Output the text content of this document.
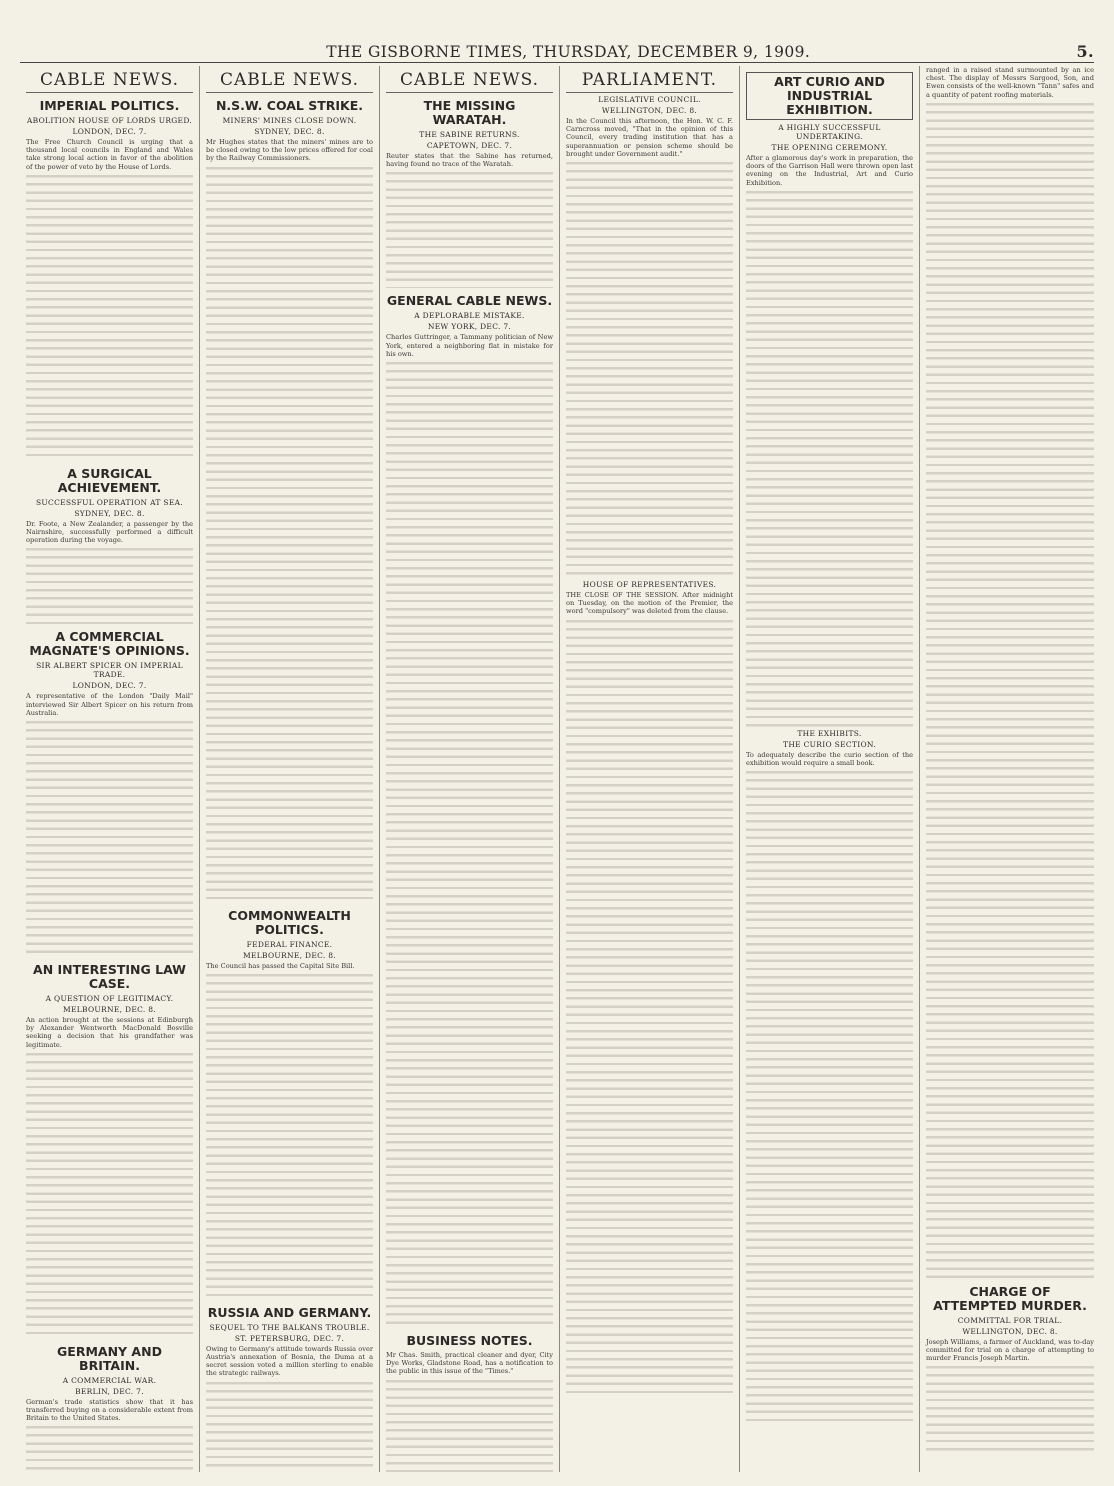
THE GISBORNE TIMES, THURSDAY, DECEMBER 9, 1909.	5.
CABLE NEWS.
IMPERIAL POLITICS.
ABOLITION HOUSE OF LORDS URGED.
LONDON, DEC. 7.

The Free Church Council is urging that a thousand local councils in England and Wales take strong local action in favor of the abolition of the power of veto by the House of Lords.

A SURGICAL ACHIEVEMENT.
SUCCESSFUL OPERATION AT SEA.
SYDNEY, DEC. 8.

Dr. Foote, a New Zealander, a passenger by the Nairnshire, successfully performed a difficult operation during the voyage.

A COMMERCIAL MAGNATE'S OPINIONS.
SIR ALBERT SPICER ON IMPERIAL TRADE.
LONDON, DEC. 7.

A representative of the London "Daily Mail" interviewed Sir Albert Spicer on his return from Australia.

AN INTERESTING LAW CASE.
A QUESTION OF LEGITIMACY.
MELBOURNE, DEC. 8.

An action brought at the sessions at Edinburgh by Alexander Wentworth MacDonald Bosville seeking a decision that his grandfather was legitimate.

GERMANY AND BRITAIN.
A COMMERCIAL WAR.
BERLIN, DEC. 7.

German's trade statistics show that it has transferred buying on a considerable extent from Britain to the United States.

CABLE NEWS.
N.S.W. COAL STRIKE.
MINERS' MINES CLOSE DOWN.
SYDNEY, DEC. 8.

Mr Hughes states that the miners' mines are to be closed owing to the low prices offered for coal by the Railway Commissioners.

COMMONWEALTH POLITICS.
FEDERAL FINANCE.
MELBOURNE, DEC. 8.

The Council has passed the Capital Site Bill.

RUSSIA AND GERMANY.
SEQUEL TO THE BALKANS TROUBLE.
ST. PETERSBURG, DEC. 7.

Owing to Germany's attitude towards Russia over Austria's annexation of Bosnia, the Duma at a secret session voted a million sterling to enable the strategic railways.

CABLE NEWS.
THE MISSING WARATAH.
THE SABINE RETURNS.
CAPETOWN, DEC. 7.

Reuter states that the Sabine has returned, having found no trace of the Waratah.

GENERAL CABLE NEWS.
A DEPLORABLE MISTAKE.
NEW YORK, DEC. 7.

Charles Guttringer, a Tammany politician of New York, entered a neighboring flat in mistake for his own.

BUSINESS NOTES.

Mr Chas. Smith, practical cleaner and dyer, City Dye Works, Gladstone Road, has a notification to the public in this issue of the "Times."

PARLIAMENT.
LEGISLATIVE COUNCIL.
WELLINGTON, DEC. 8.

In the Council this afternoon, the Hon. W. C. F. Carncross moved, "That in the opinion of this Council, every trading institution that has a superannuation or pension scheme should be brought under Government audit."

HOUSE OF REPRESENTATIVES.

THE CLOSE OF THE SESSION. After midnight on Tuesday, on the motion of the Premier, the word "compulsory" was deleted from the clause.

ART CURIO AND INDUSTRIAL EXHIBITION.
A HIGHLY SUCCESSFUL UNDERTAKING.
THE OPENING CEREMONY.

After a glamorous day's work in preparation, the doors of the Garrison Hall were thrown open last evening on the Industrial, Art and Curio Exhibition.

THE EXHIBITS.
THE CURIO SECTION.

To adequately describe the curio section of the exhibition would require a small book.

ranged in a raised stand surmounted by an ice chest. The display of Messrs Sargood, Son, and Ewen consists of the well-known "Tann" safes and a quantity of patent roofing materials.

CHARGE OF ATTEMPTED MURDER.
COMMITTAL FOR TRIAL.
WELLINGTON, DEC. 8.

Joseph Williams, a farmer of Auckland, was to-day committed for trial on a charge of attempting to murder Francis Joseph Martin.
